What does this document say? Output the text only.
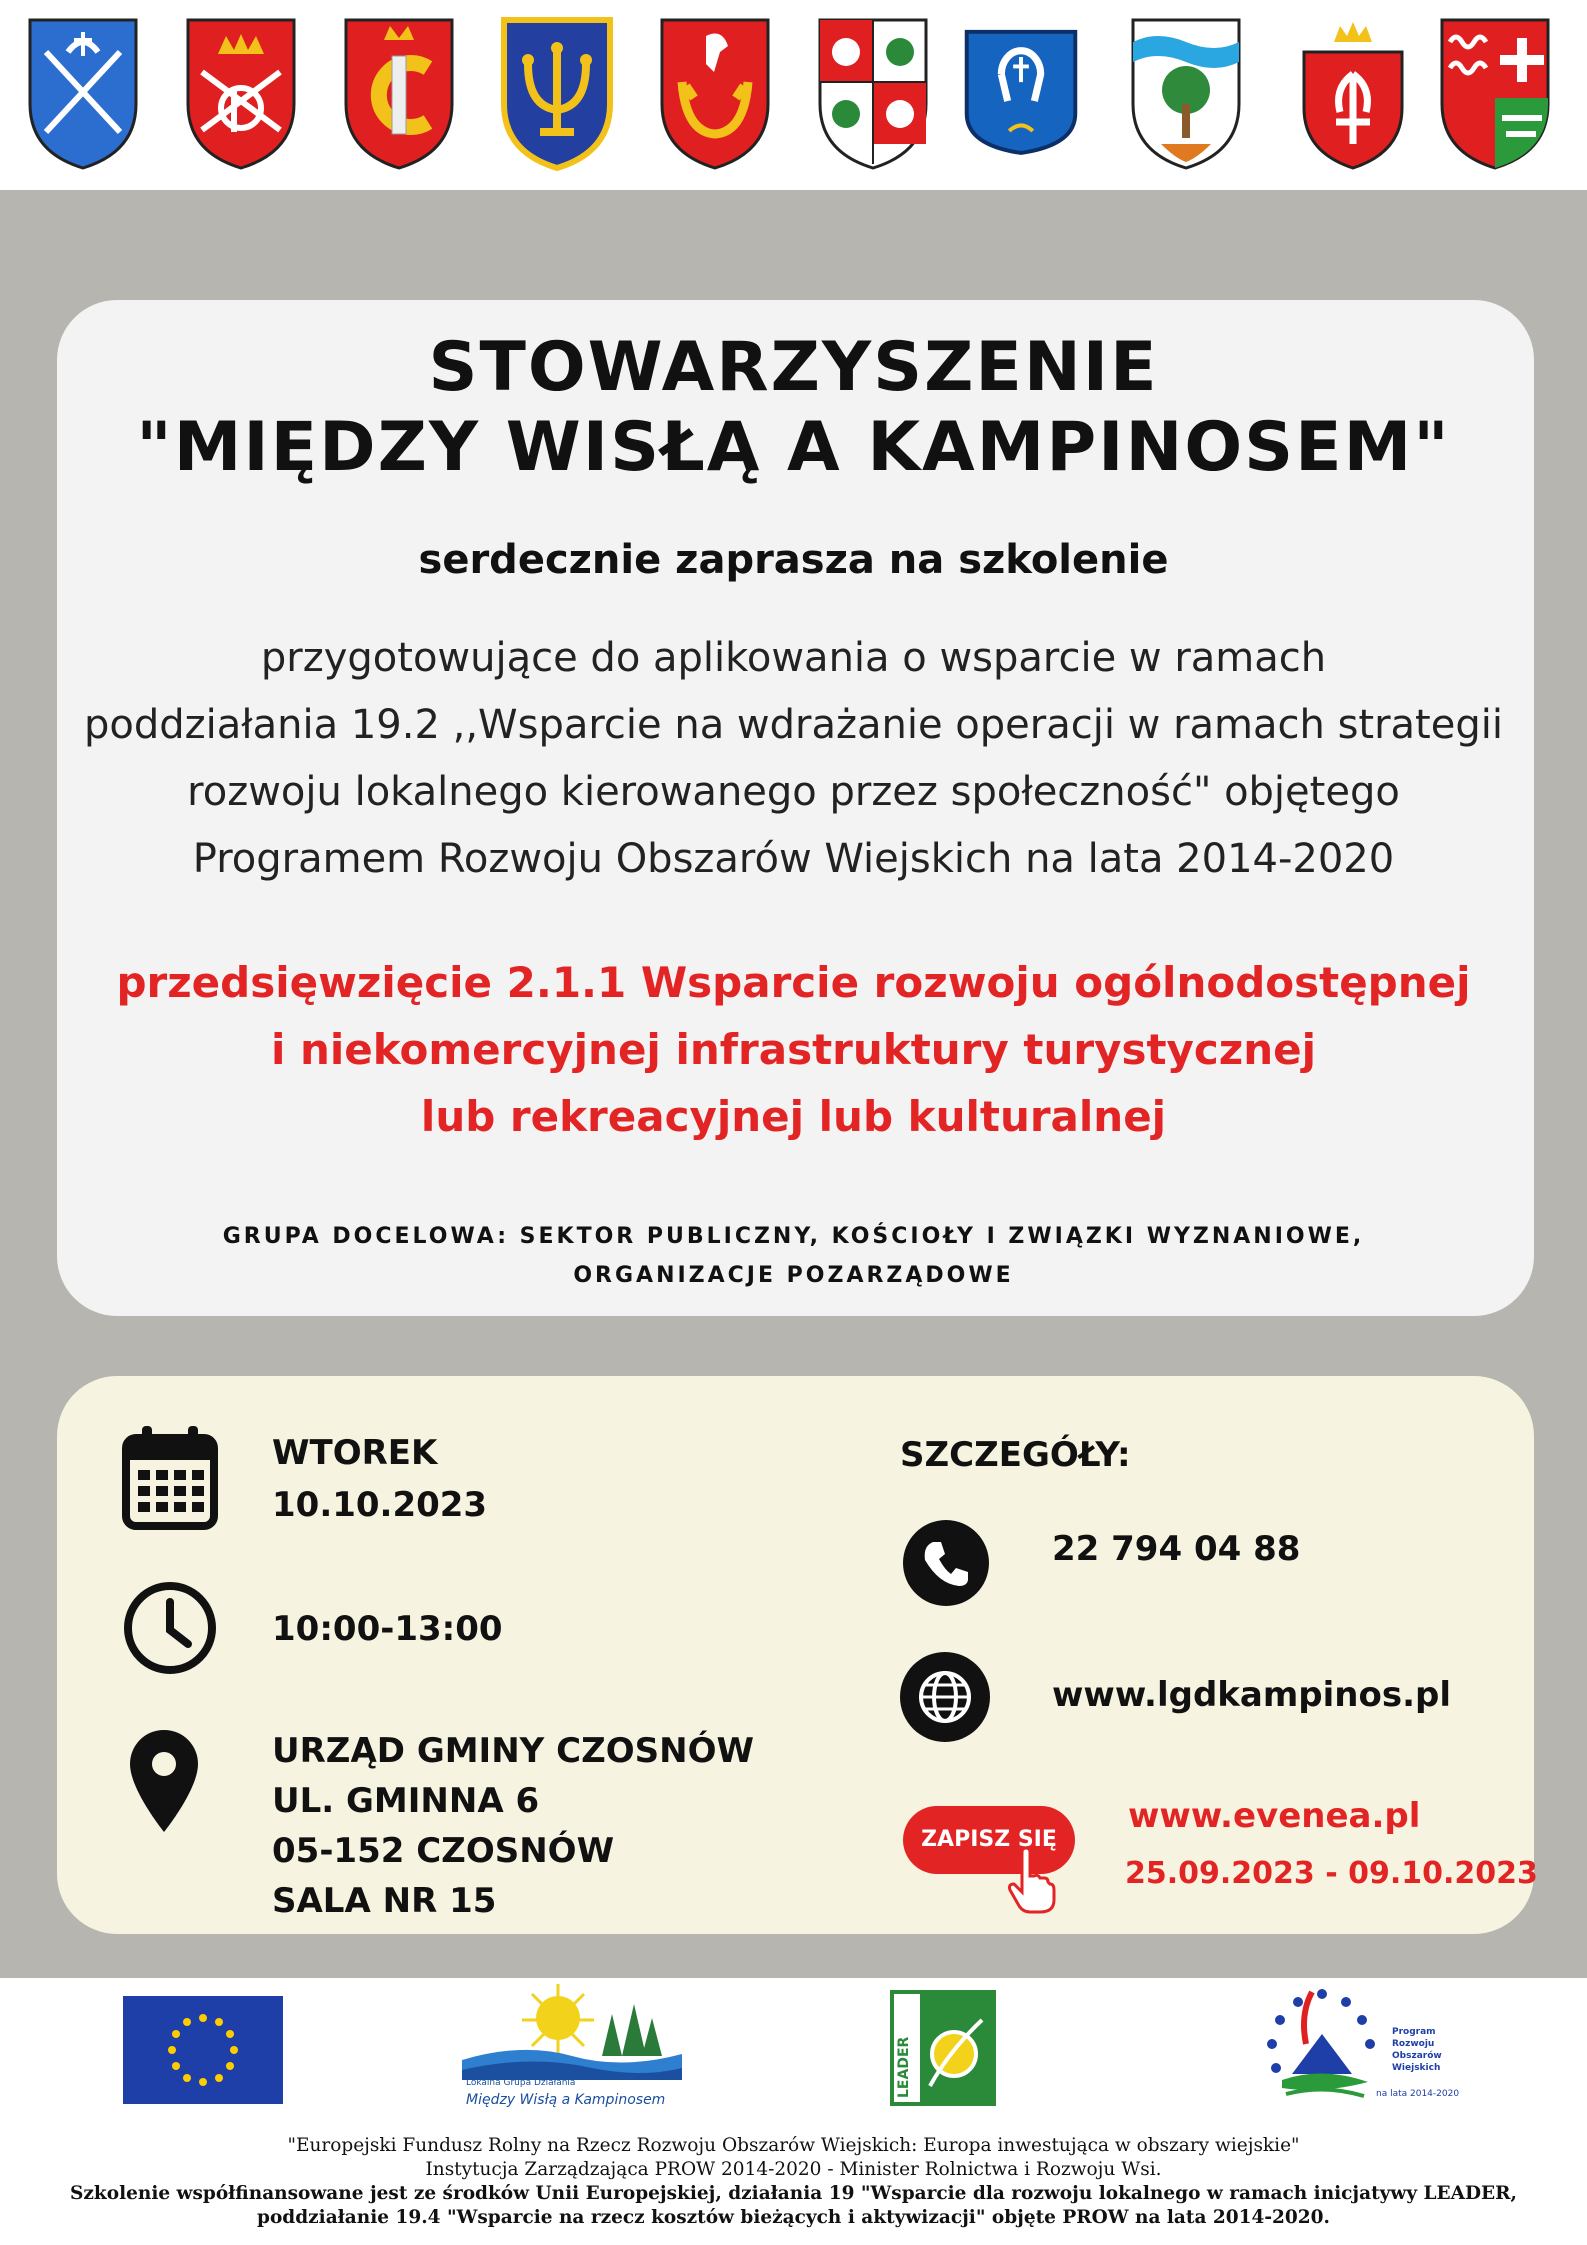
STOWARZYSZENIE
"MIĘDZY WISŁĄ A KAMPINOSEM"
serdecznie zaprasza na szkolenie
przygotowujące do aplikowania o wsparcie w ramach
poddziałania 19.2 ,,Wsparcie na wdrażanie operacji w ramach strategii
rozwoju lokalnego kierowanego przez społeczność" objętego
Programem Rozwoju Obszarów Wiejskich na lata 2014-2020
przedsięwzięcie 2.1.1 Wsparcie rozwoju ogólnodostępnej
i niekomercyjnej infrastruktury turystycznej
lub rekreacyjnej lub kulturalnej
GRUPA DOCELOWA: SEKTOR PUBLICZNY, KOŚCIOŁY I ZWIĄZKI WYZNANIOWE,
ORGANIZACJE POZARZĄDOWE
WTOREK
10.10.2023
10:00-13:00
URZĄD GMINY CZOSNÓW
UL. GMINNA 6
05-152 CZOSNÓW
SALA NR 15
SZCZEGÓŁY:
22 794 04 88
www.lgdkampinos.pl
ZAPISZ SIĘ
www.evenea.pl
25.09.2023 - 09.10.2023
Lokalna Grupa Działania
Między Wisłą a Kampinosem
LEADER
Program
Rozwoju
Obszarów
Wiejskich
na lata 2014-2020
"Europejski Fundusz Rolny na Rzecz Rozwoju Obszarów Wiejskich: Europa inwestująca w obszary wiejskie"
Instytucja Zarządzająca PROW 2014-2020 - Minister Rolnictwa i Rozwoju Wsi.
Szkolenie współfinansowane jest ze środków Unii Europejskiej, działania 19 "Wsparcie dla rozwoju lokalnego w ramach inicjatywy LEADER,
poddziałanie 19.4 "Wsparcie na rzecz kosztów bieżących i aktywizacji" objęte PROW na lata 2014-2020.
